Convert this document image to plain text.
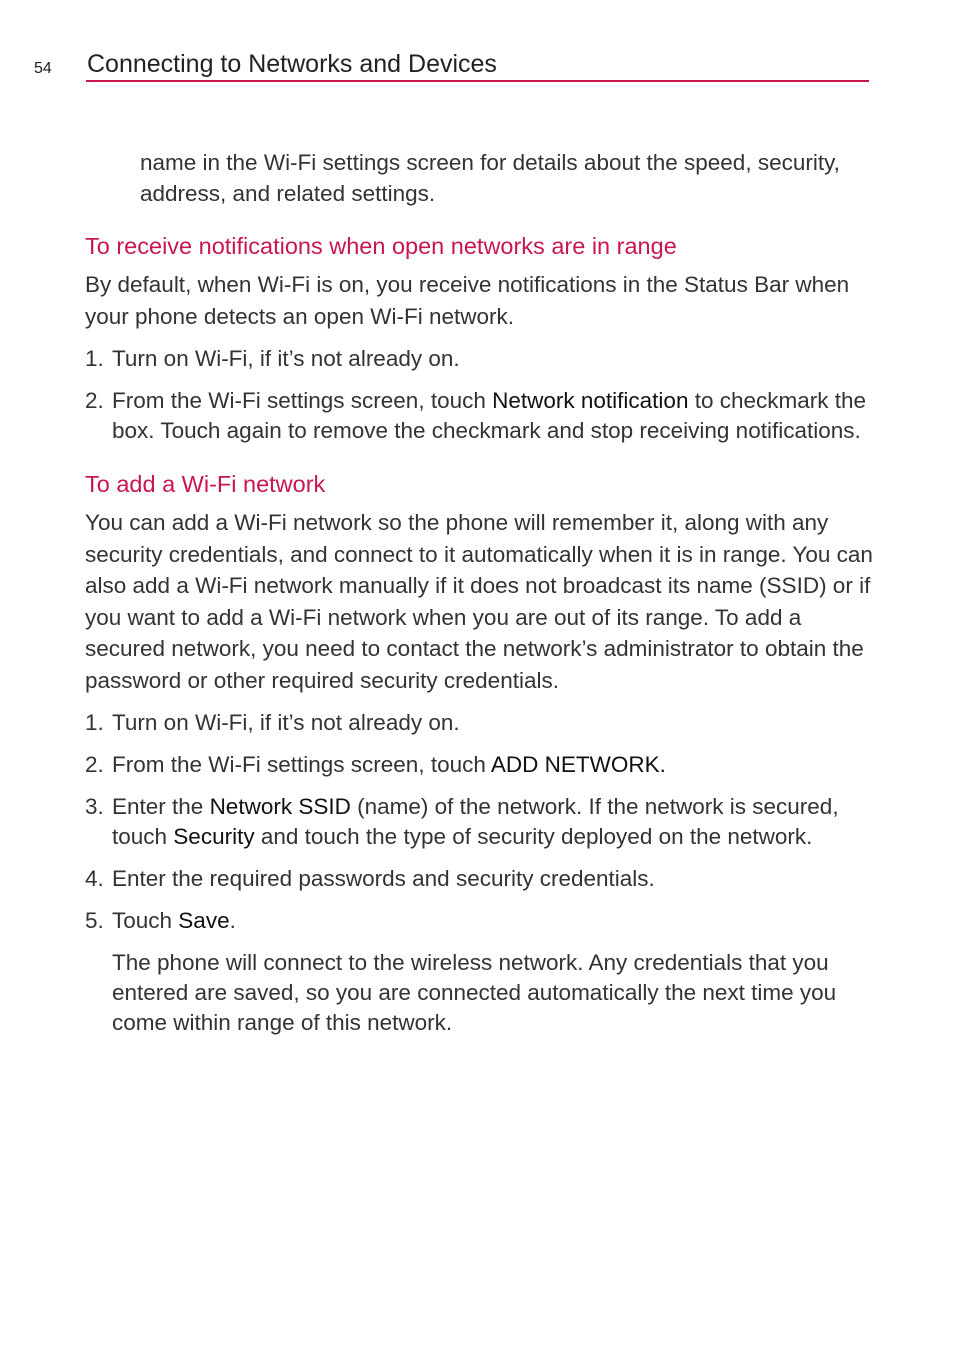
54 Connecting to Networks and Devices

name in the Wi-Fi settings screen for details about the speed, security, address, and related settings.

To receive notifications when open networks are in range

By default, when Wi-Fi is on, you receive notifications in the Status Bar when your phone detects an open Wi-Fi network.

1. Turn on Wi-Fi, if it’s not already on.
2. From the Wi-Fi settings screen, touch Network notification to checkmark the box. Touch again to remove the checkmark and stop receiving notifications.
To add a Wi-Fi network

You can add a Wi-Fi network so the phone will remember it, along with any security credentials, and connect to it automatically when it is in range. You can also add a Wi-Fi network manually if it does not broadcast its name (SSID) or if you want to add a Wi-Fi network when you are out of its range. To add a secured network, you need to contact the network’s administrator to obtain the password or other required security credentials.

1. Turn on Wi-Fi, if it’s not already on.
2. From the Wi-Fi settings screen, touch ADD NETWORK.
3. Enter the Network SSID (name) of the network. If the network is secured, touch Security and touch the type of security deployed on the network.
4. Enter the required passwords and security credentials.
5. Touch Save.

The phone will connect to the wireless network. Any credentials that you entered are saved, so you are connected automatically the next time you come within range of this network.
